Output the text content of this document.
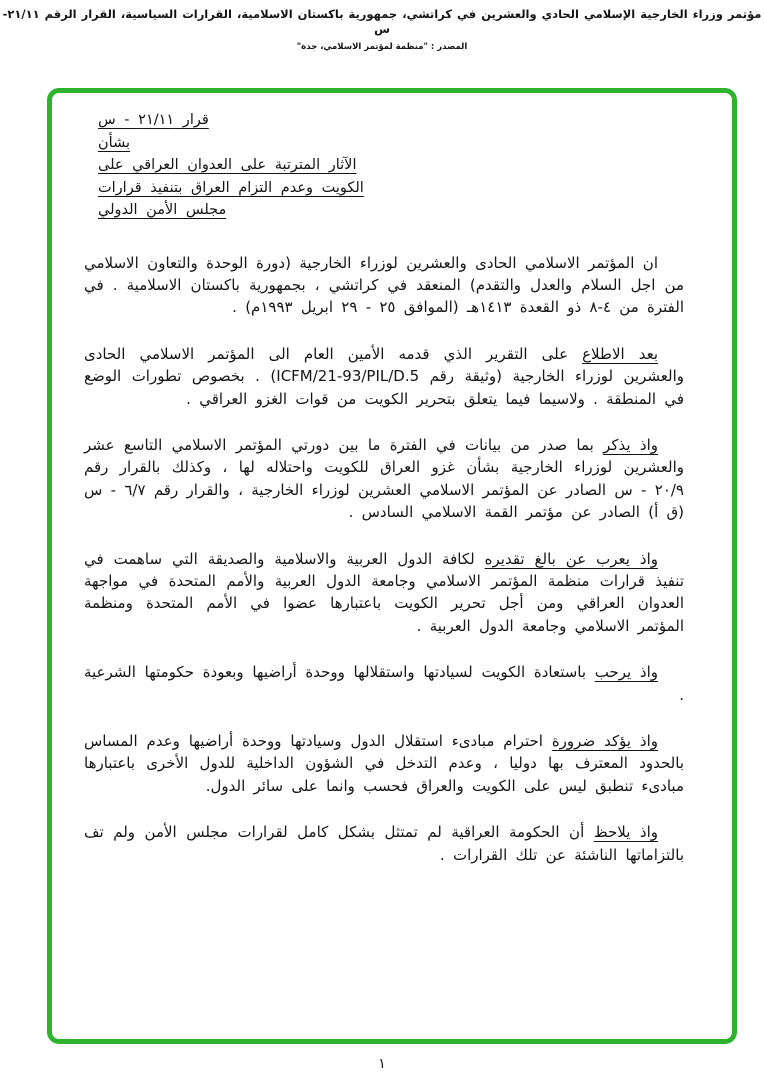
مؤتمر وزراء الخارجية الإسلامي الحادي والعشرين في كراتشي، جمهورية باكستان الاسلامية، القرارات السياسية، القرار الرقم ٢١/١١-س
المصدر : "منظمة لمؤتمر الاسلامي، جدة"
قرار ٢١/١١ - س
بشأن
الآثار المترتبة على العدوان العراقي على
الكويت وعدم التزام العراق بتنفيذ قرارات
مجلس الأمن الدولي

ان المؤتمر الاسلامي الحادى والعشرين لوزراء الخارجية (دورة الوحدة والتعاون الاسلامي من اجل السلام والعدل والتقدم) المنعقد في كراتشي ، بجمهورية باكستان الاسلامية . في الفترة من ٤-٨ ذو القعدة ١٤١٣هـ (الموافق ٢٥ - ٢٩ ابريل ١٩٩٣م) .

بعد الاطلاع على التقرير الذي قدمه الأمين العام الى المؤتمر الاسلامي الحادى والعشرين لوزراء الخارجية (وثيقة رقم ICFM/21-93/PIL/D.5) . بخصوص تطورات الوضع في المنطقة . ولاسيما فيما يتعلق بتحرير الكويت من قوات الغزو العراقي .

واذ يذكر بما صدر من بيانات في الفترة ما بين دورتي المؤتمر الاسلامي التاسع عشر والعشرين لوزراء الخارجية بشأن غزو العراق للكويت واحتلاله لها ، وكذلك بالقرار رقم ٢٠/٩ - س الصادر عن المؤتمر الاسلامي العشرين لوزراء الخارجية ، والقرار رقم ٦/٧ - س (ق أ) الصادر عن مؤتمر القمة الاسلامي السادس .

واذ يعرب عن بالغ تقديره لكافة الدول العربية والاسلامية والصديقة التي ساهمت في تنفيذ قرارات منظمة المؤتمر الاسلامي وجامعة الدول العربية والأمم المتحدة في مواجهة العدوان العراقي ومن أجل تحرير الكويت باعتبارها عضوا في الأمم المتحدة ومنظمة المؤتمر الاسلامي وجامعة الدول العربية .

واذ يرحب باستعادة الكويت لسيادتها واستقلالها ووحدة أراضيها وبعودة حكومتها الشرعية .

واذ يؤكد ضرورة احترام مبادىء استقلال الدول وسيادتها ووحدة أراضيها وعدم المساس بالحدود المعترف بها دوليا ، وعدم التدخل في الشؤون الداخلية للدول الأخرى باعتبارها مبادىء تنطبق ليس على الكويت والعراق فحسب وانما على سائر الدول.

واذ يلاحظ أن الحكومة العراقية لم تمتثل بشكل كامل لقرارات مجلس الأمن ولم تف بالتزاماتها الناشئة عن تلك القرارات .

١
